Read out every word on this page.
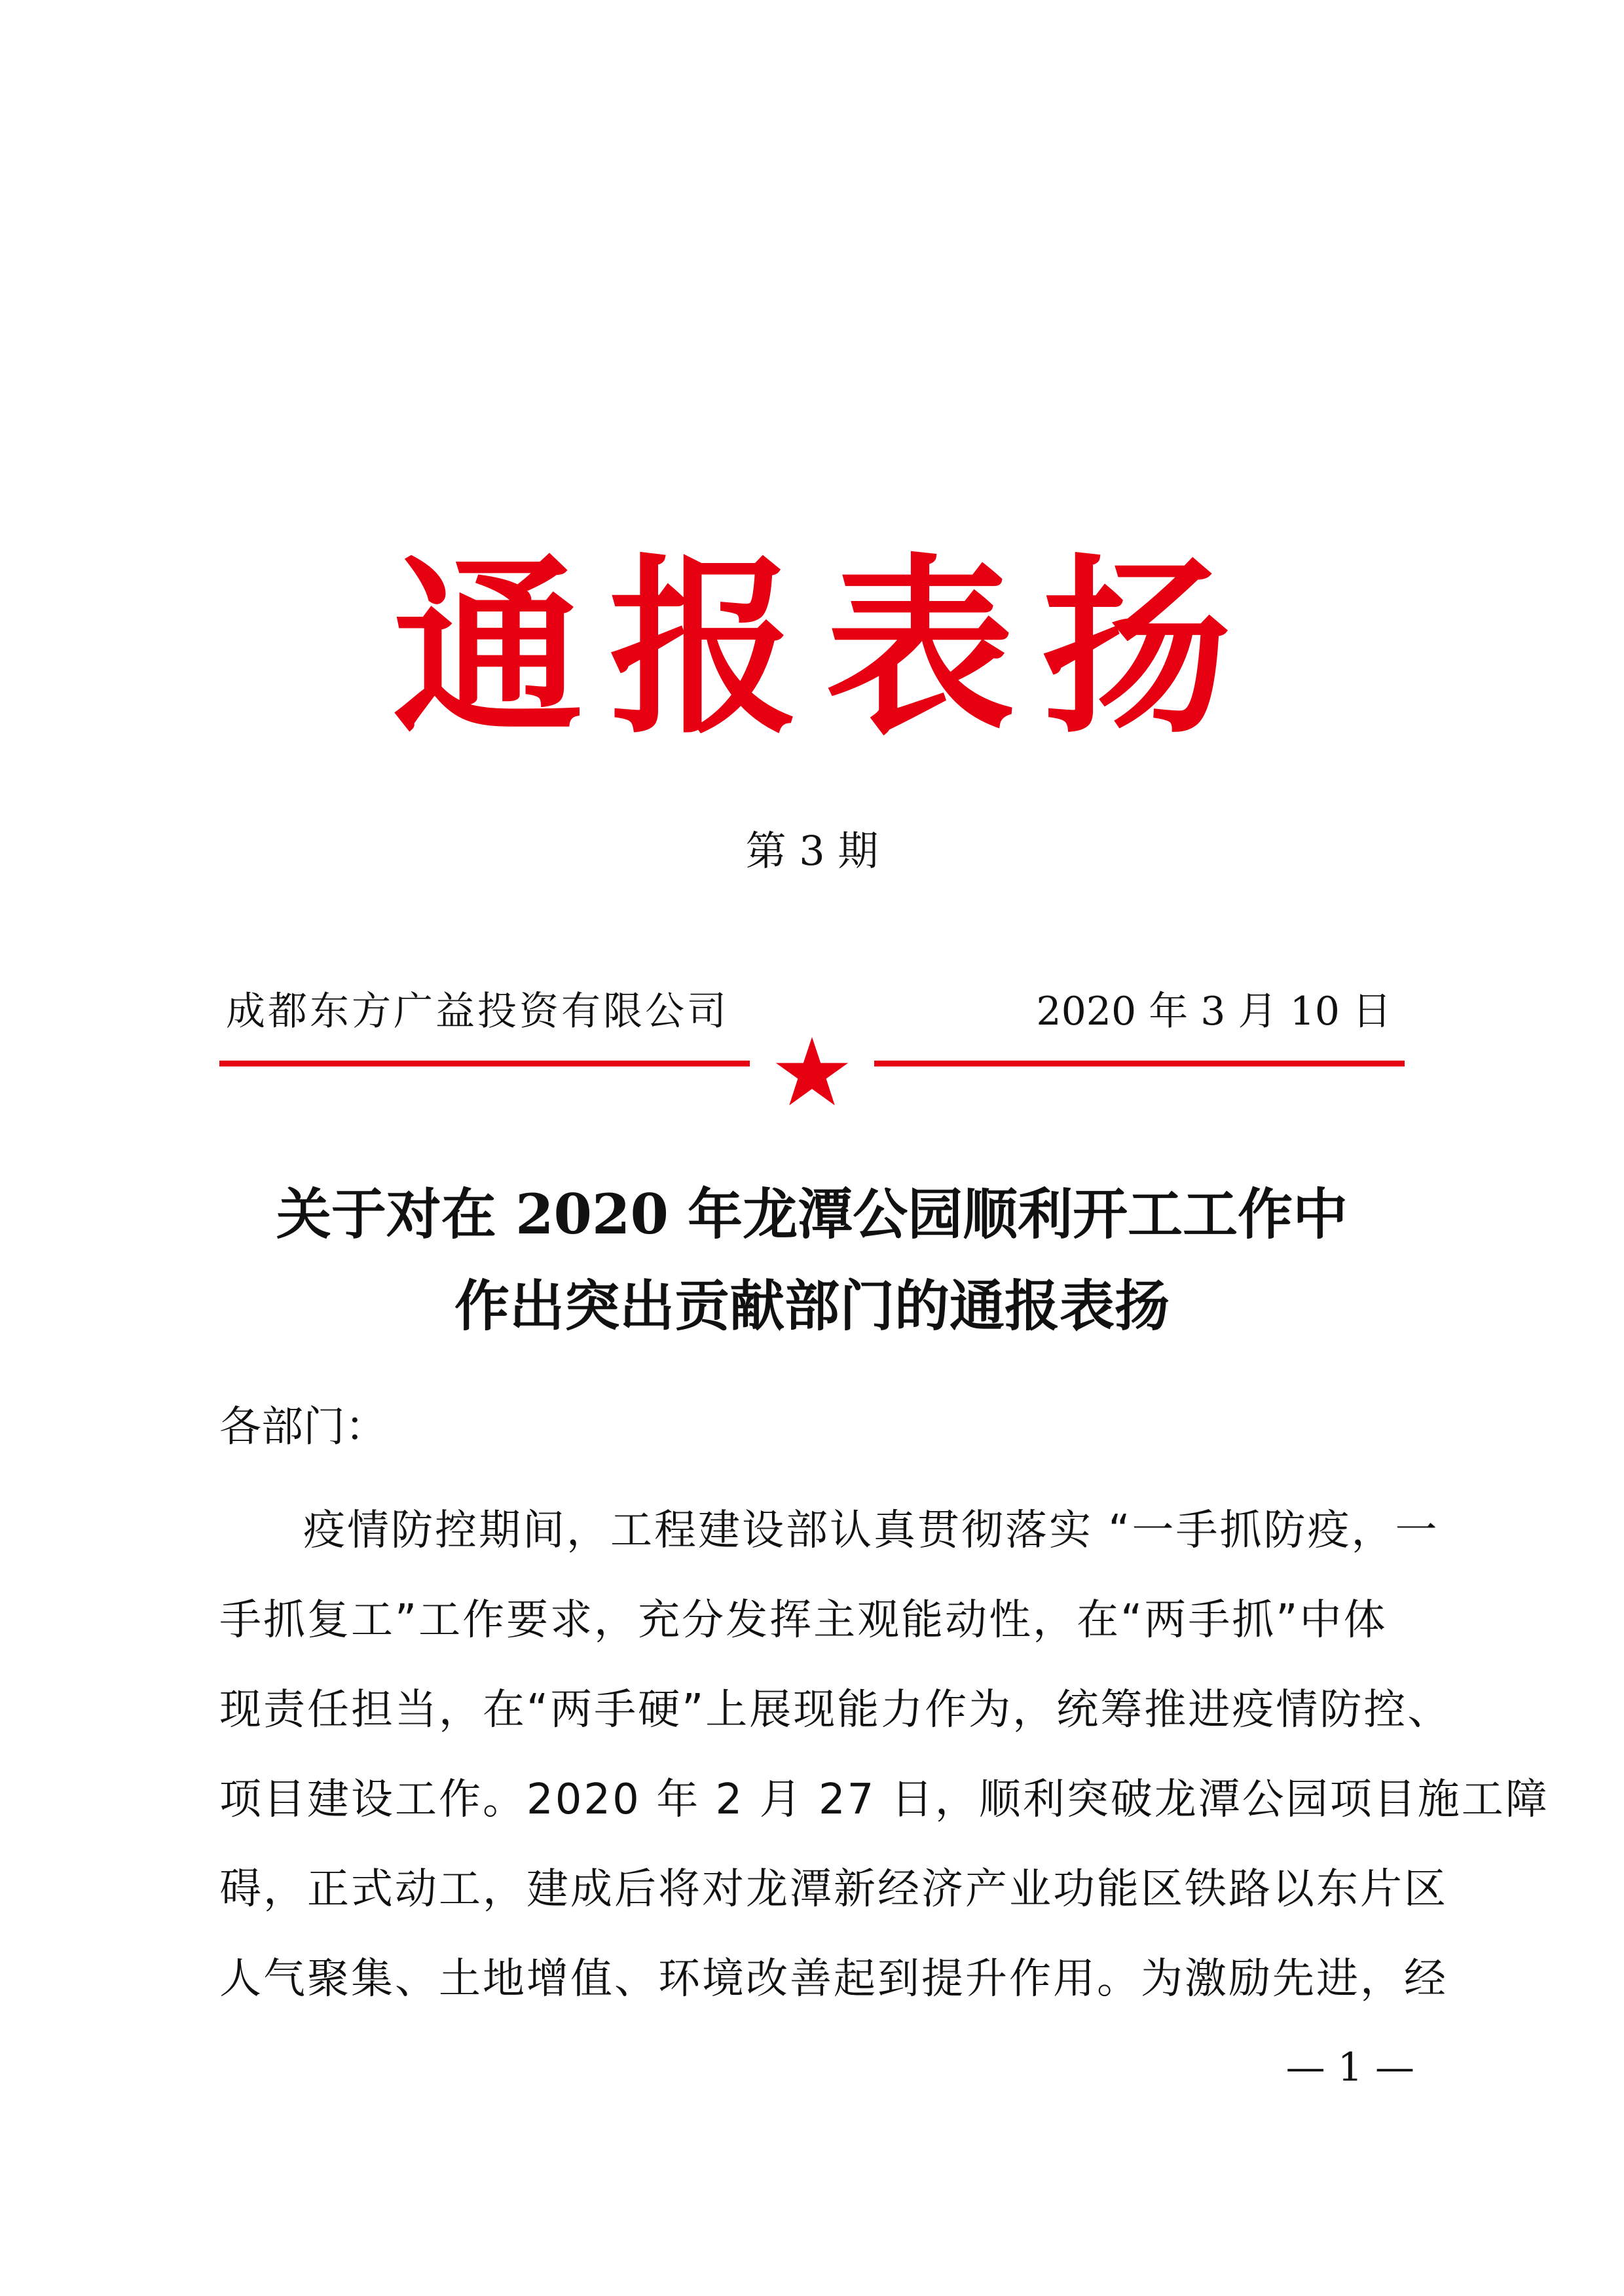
通报表扬
第 3 期
成都东方广益投资有限公司	2020 年 3 月 10 日
关于对在 2020 年龙潭公园顺利开工工作中
作出突出贡献部门的通报表扬
各部门：

疫情防控期间，工程建设部认真贯彻落实 “一手抓防疫，一

手抓复工”工作要求，充分发挥主观能动性，在“两手抓”中体

现责任担当，在“两手硬”上展现能力作为，统筹推进疫情防控、

项目建设工作。2020 年 2 月 27 日，顺利突破龙潭公园项目施工障

碍，正式动工，建成后将对龙潭新经济产业功能区铁路以东片区

人气聚集、土地增值、环境改善起到提升作用。为激励先进，经

— 1 —
